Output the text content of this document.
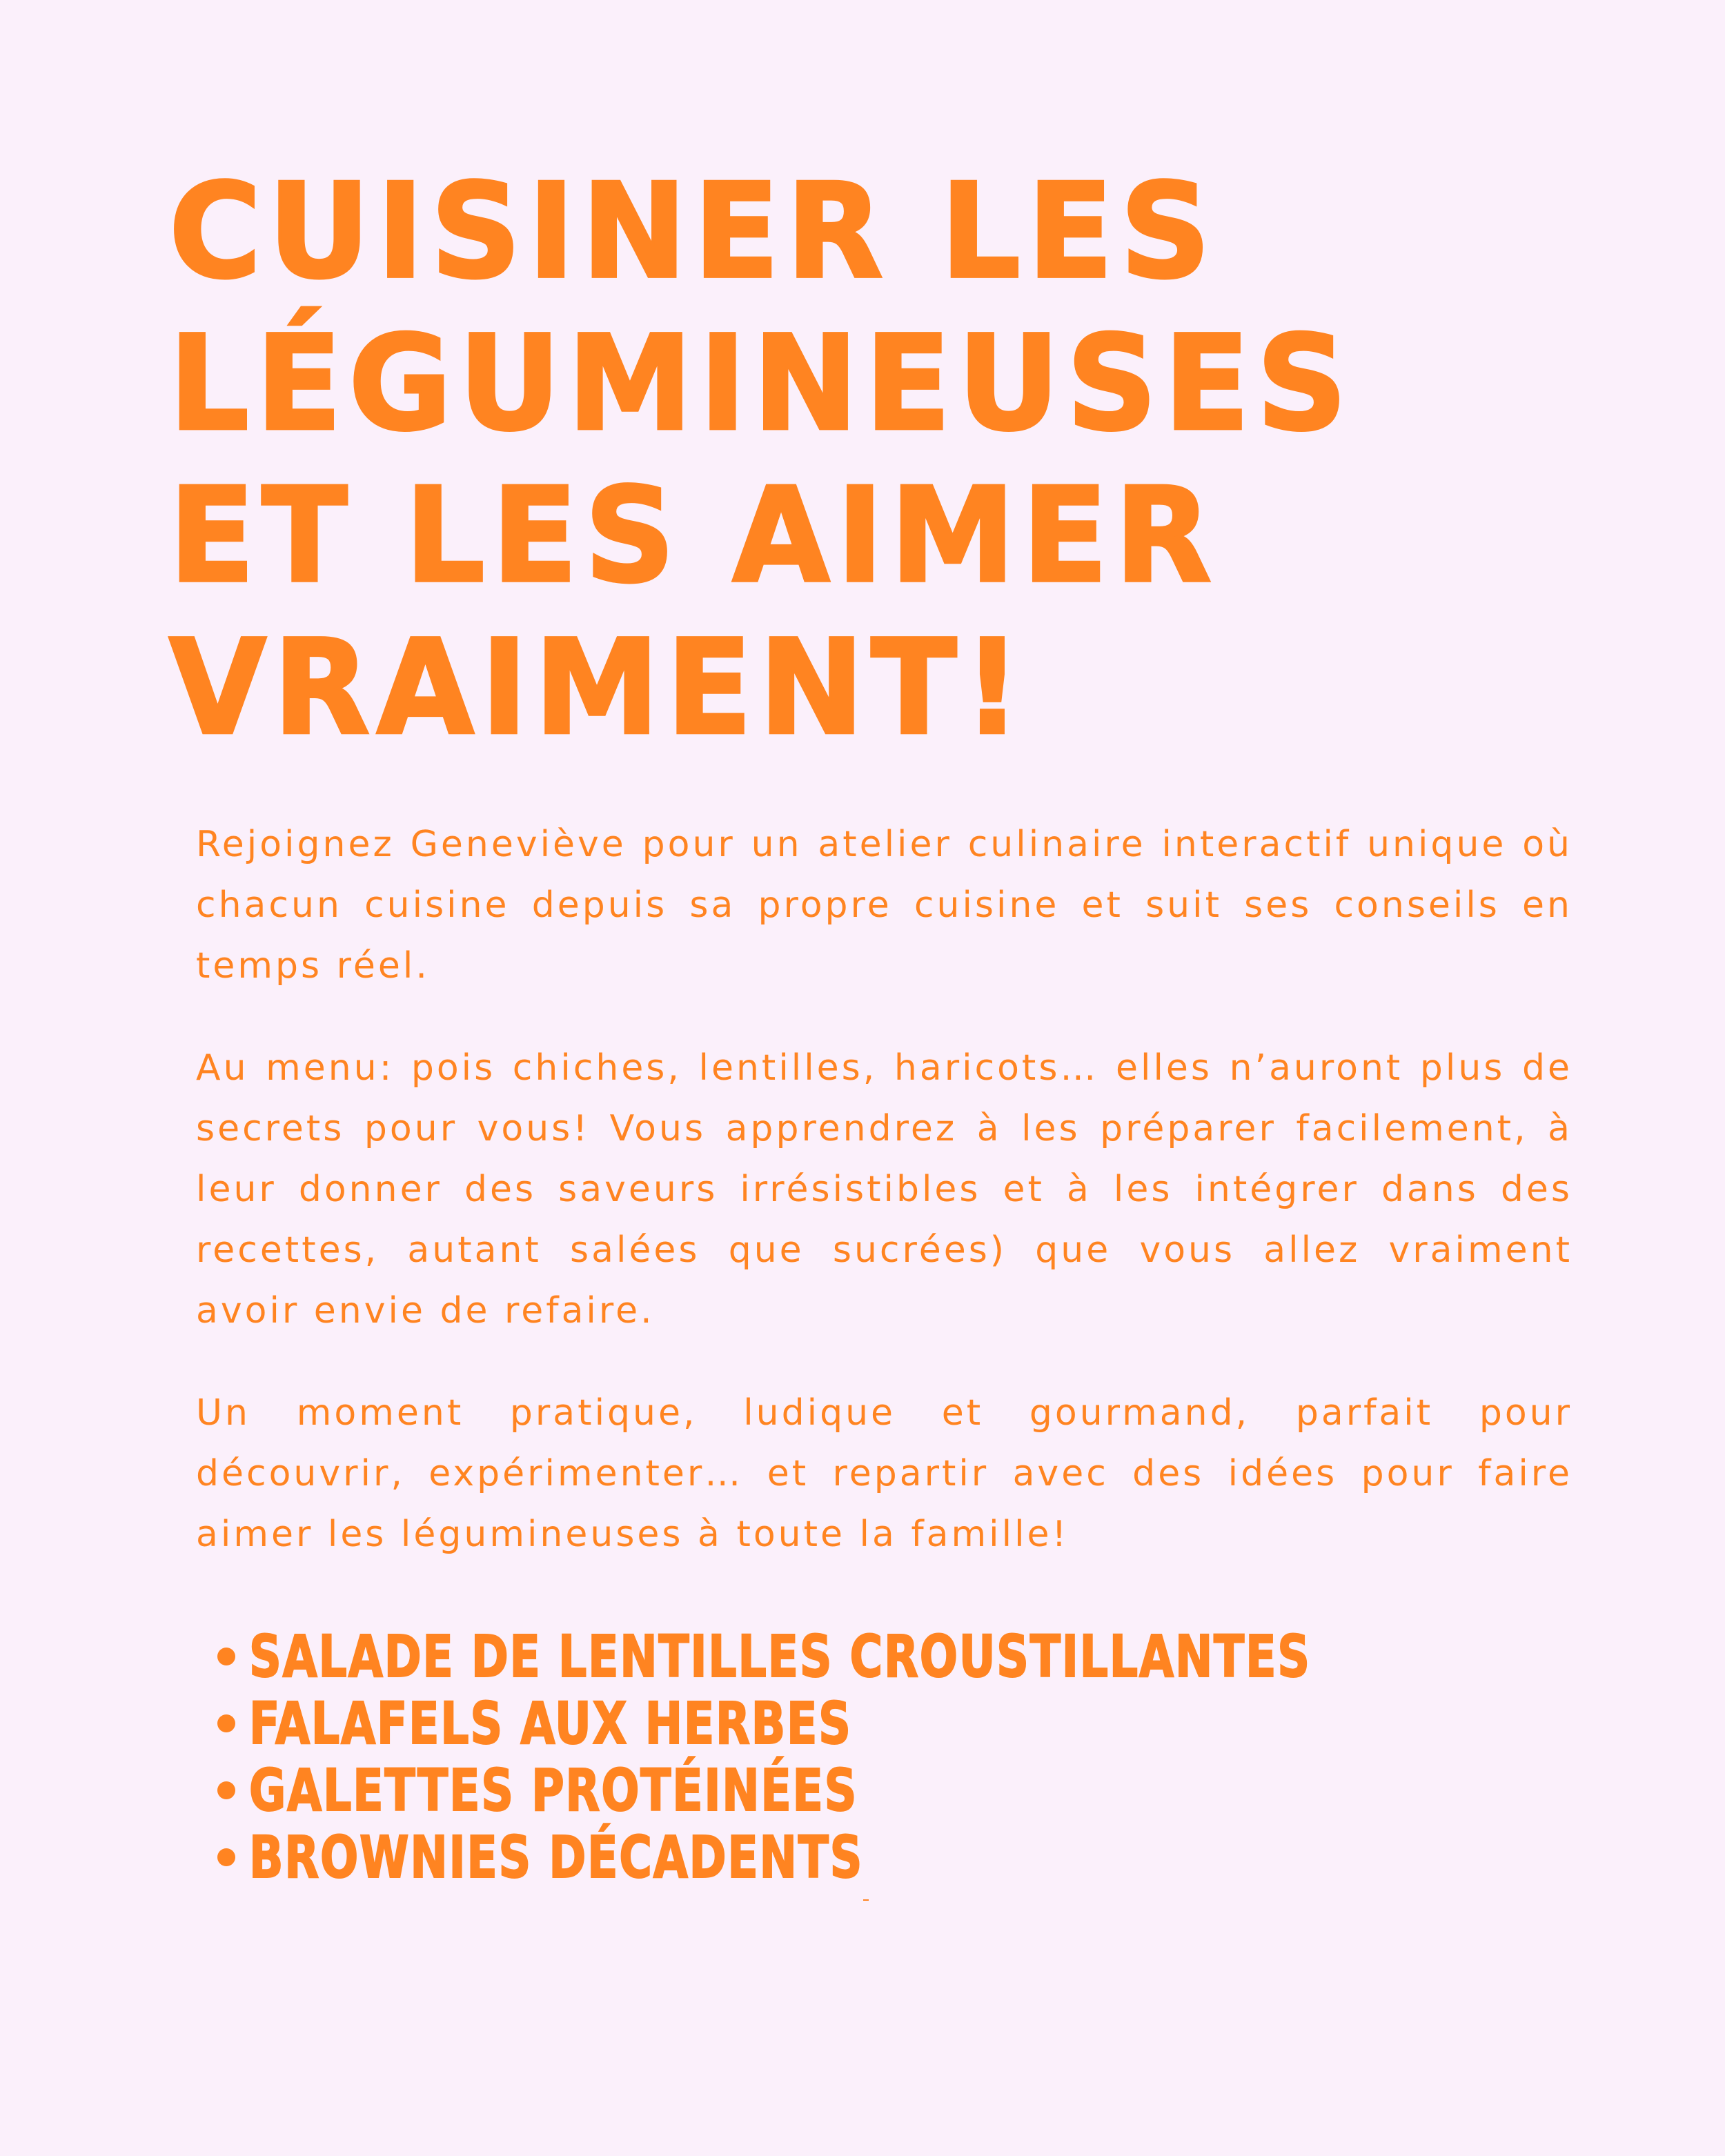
CUISINER LES
LÉGUMINEUSES
ET LES AIMER
VRAIMENT!

Rejoignez Geneviève pour un atelier culinaire interactif unique où chacun cuisine depuis sa propre cuisine et suit ses conseils en temps réel.

Au menu: pois chiches, lentilles, haricots… elles n’auront plus de secrets pour vous! Vous apprendrez à les préparer facilement, à leur donner des saveurs irrésistibles et à les intégrer dans des recettes, autant salées que sucrées) que vous allez vraiment avoir envie de refaire.

Un moment pratique, ludique et gourmand, parfait pour découvrir, expérimenter… et repartir avec des idées pour faire aimer les légumineuses à toute la famille!

SALADE DE LENTILLES CROUSTILLANTES
FALAFELS AUX HERBES
GALETTES PROTÉINÉES
BROWNIES DÉCADENTS
